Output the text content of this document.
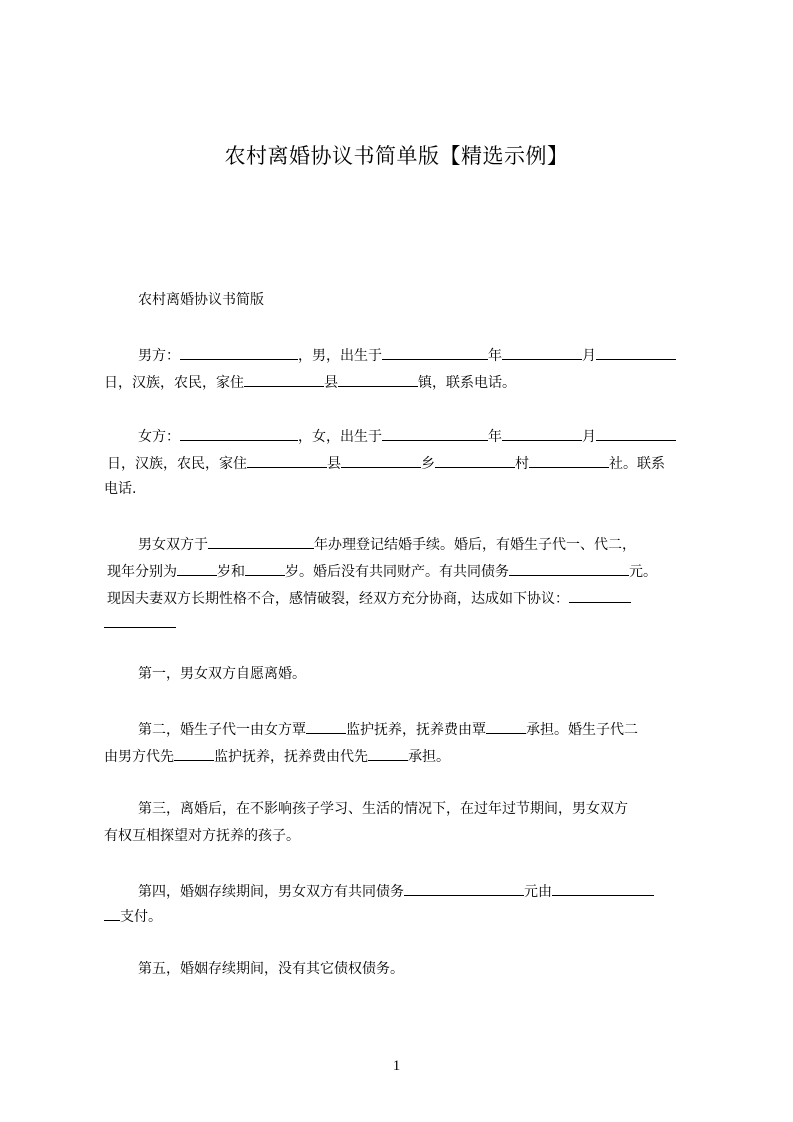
农村离婚协议书简单版【精选示例】
农村离婚协议书简版
男方：	，男，出生于	年	月
日，汉族，农民，家住	县	镇，联系电话。
女方：	，女，出生于	年	月
日，汉族，农民，家住	县	乡	村	社。联系
电话.
男女双方于	年办理登记结婚手续。婚后，有婚生子代一、代二，
现年分别为	岁和	岁。婚后没有共同财产。有共同债务	元。
现因夫妻双方长期性格不合，感情破裂，经双方充分协商，达成如下协议：
第一，男女双方自愿离婚。
第二，婚生子代一由女方覃	监护抚养，抚养费由覃	承担。婚生子代二
由男方代先	监护抚养，抚养费由代先	承担。
第三，离婚后，在不影响孩子学习、生活的情况下，在过年过节期间，男女双方
有权互相探望对方抚养的孩子。
第四，婚姻存续期间，男女双方有共同债务	元由
支付。
第五，婚姻存续期间，没有其它债权债务。
1
